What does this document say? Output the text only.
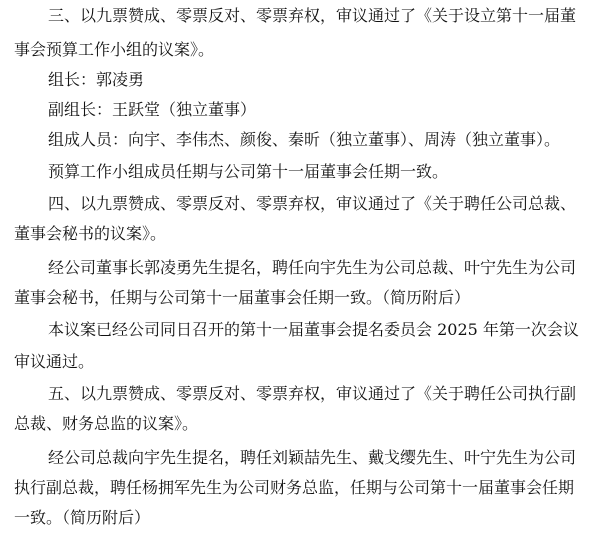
三、以九票赞成、零票反对、零票弃权，审议通过了《关于设立第十一届董
事会预算工作小组的议案》。
组长：郭凌勇
副组长：王跃堂（独立董事）
组成人员：向宇、李伟杰、颜俊、秦昕（独立董事）、周涛（独立董事）。
预算工作小组成员任期与公司第十一届董事会任期一致。
四、以九票赞成、零票反对、零票弃权，审议通过了《关于聘任公司总裁、
董事会秘书的议案》。
经公司董事长郭凌勇先生提名，聘任向宇先生为公司总裁、叶宁先生为公司
董事会秘书，任期与公司第十一届董事会任期一致。（简历附后）
本议案已经公司同日召开的第十一届董事会提名委员会 2025 年第一次会议
审议通过。
五、以九票赞成、零票反对、零票弃权，审议通过了《关于聘任公司执行副
总裁、财务总监的议案》。
经公司总裁向宇先生提名，聘任刘颖喆先生、戴戈缨先生、叶宁先生为公司
执行副总裁，聘任杨拥军先生为公司财务总监，任期与公司第十一届董事会任期
一致。（简历附后）
